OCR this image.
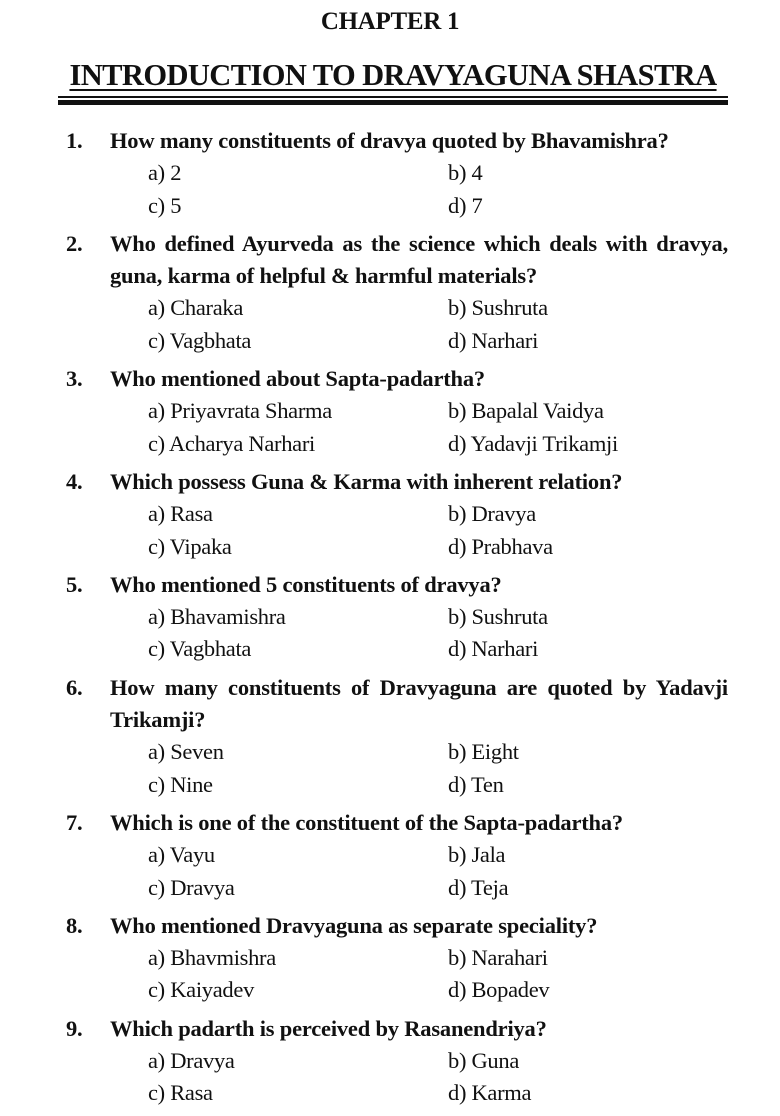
CHAPTER 1
INTRODUCTION TO DRAVYAGUNA SHASTRA
1.	How many constituents of dravya quoted by Bhavamishra?
a) 2	b) 4
c) 5	d) 7
2.	Who defined Ayurveda as the science which deals with dravya, guna, karma of helpful & harmful materials?
a) Charaka	b) Sushruta
c) Vagbhata	d) Narhari
3.	Who mentioned about Sapta-padartha?
a) Priyavrata Sharma	b) Bapalal Vaidya
c) Acharya Narhari	d) Yadavji Trikamji
4.	Which possess Guna & Karma with inherent relation?
a) Rasa	b) Dravya
c) Vipaka	d) Prabhava
5.	Who mentioned 5 constituents of dravya?
a) Bhavamishra	b) Sushruta
c) Vagbhata	d) Narhari
6.	How many constituents of Dravyaguna are quoted by Yadavji Trikamji?
a) Seven	b) Eight
c) Nine	d) Ten
7.	Which is one of the constituent of the Sapta-padartha?
a) Vayu	b) Jala
c) Dravya	d) Teja
8.	Who mentioned Dravyaguna as separate speciality?
a) Bhavmishra	b) Narahari
c) Kaiyadev	d) Bopadev
9.	Which padarth is perceived by Rasanendriya?
a) Dravya	b) Guna
c) Rasa	d) Karma
